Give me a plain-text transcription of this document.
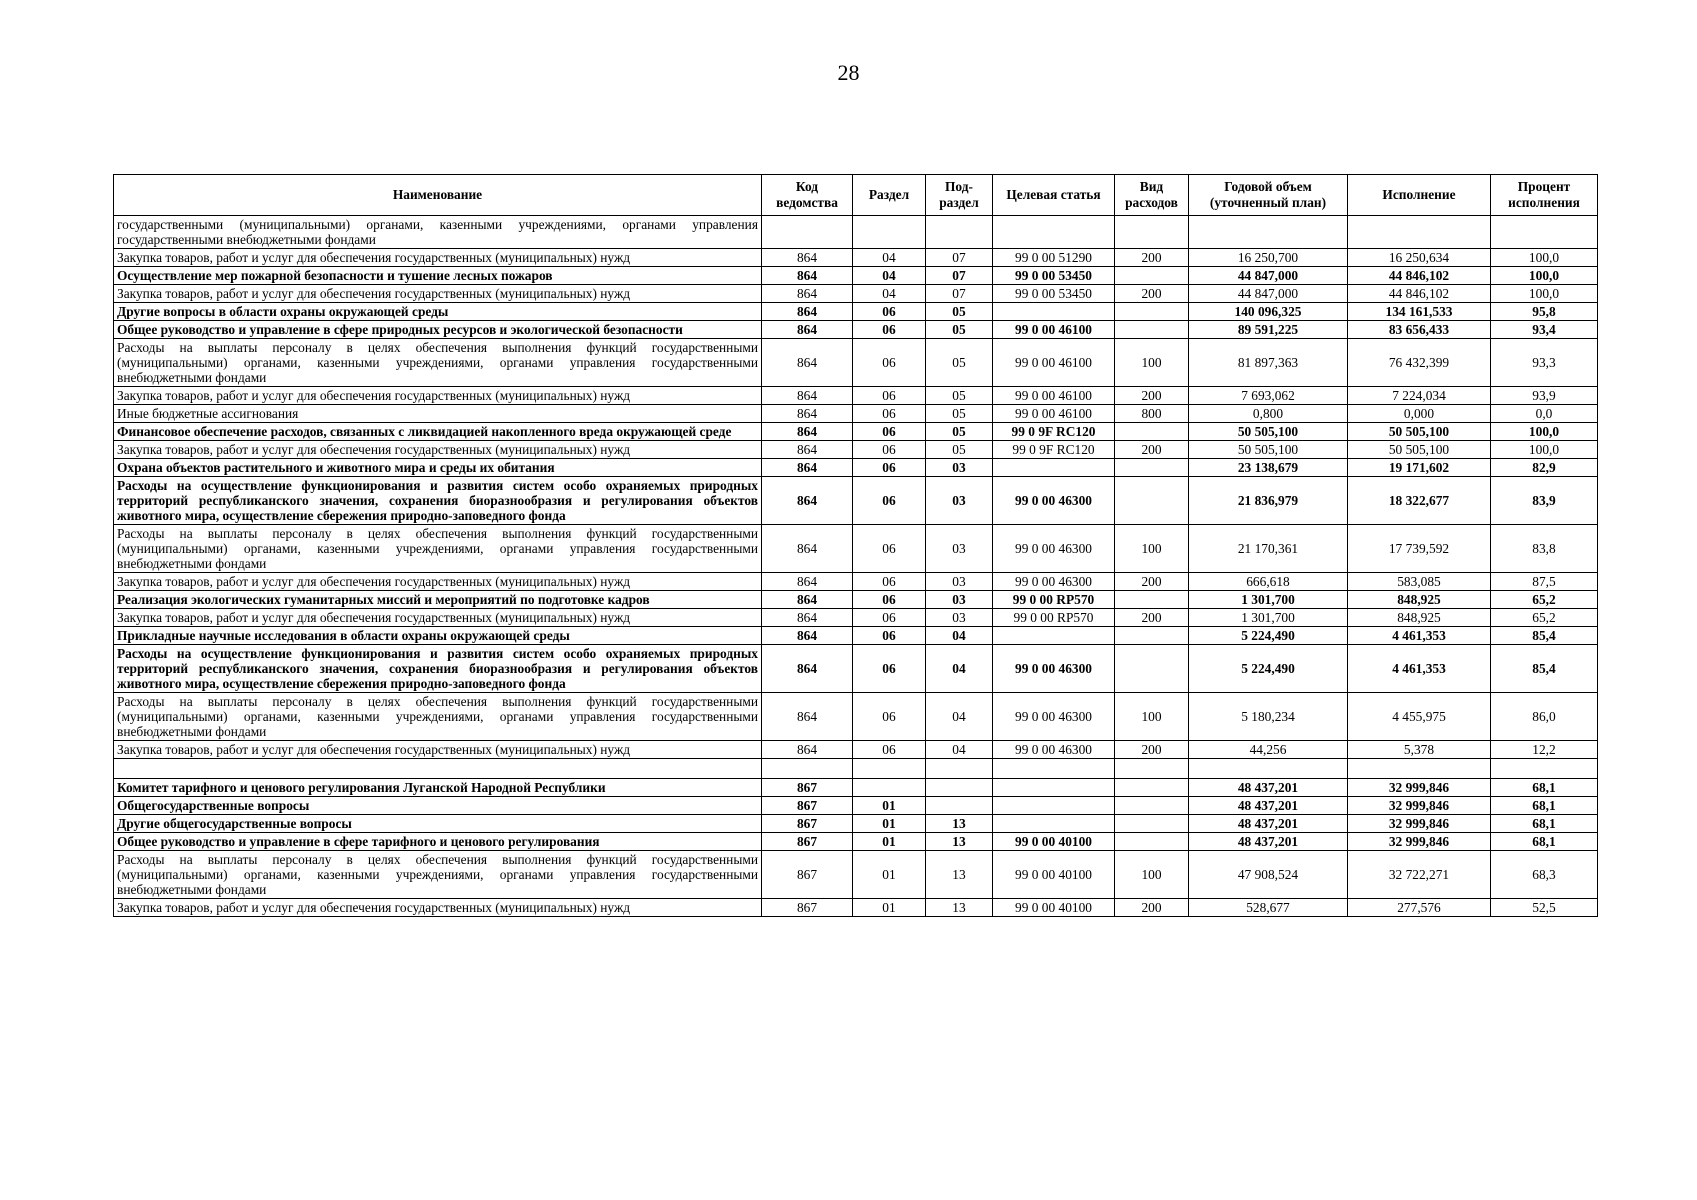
28
Наименование	Код ведомства	Раздел	Под-раздел	Целевая статья	Вид расходов	Годовой объем (уточненный план)	Исполнение	Процент исполнения
государственными (муниципальными) органами, казенными учреждениями, органами управления государственными внебюджетными фондами								
Закупка товаров, работ и услуг для обеспечения государственных (муниципальных) нужд	864	04	07	99 0 00 51290	200	16 250,700	16 250,634	100,0
Осуществление мер пожарной безопасности и тушение лесных пожаров	864	04	07	99 0 00 53450		44 847,000	44 846,102	100,0
Закупка товаров, работ и услуг для обеспечения государственных (муниципальных) нужд	864	04	07	99 0 00 53450	200	44 847,000	44 846,102	100,0
Другие вопросы в области охраны окружающей среды	864	06	05			140 096,325	134 161,533	95,8
Общее руководство и управление в сфере природных ресурсов и экологической безопасности	864	06	05	99 0 00 46100		89 591,225	83 656,433	93,4
Расходы на выплаты персоналу в целях обеспечения выполнения функций государственными (муниципальными) органами, казенными учреждениями, органами управления государственными внебюджетными фондами	864	06	05	99 0 00 46100	100	81 897,363	76 432,399	93,3
Закупка товаров, работ и услуг для обеспечения государственных (муниципальных) нужд	864	06	05	99 0 00 46100	200	7 693,062	7 224,034	93,9
Иные бюджетные ассигнования	864	06	05	99 0 00 46100	800	0,800	0,000	0,0
Финансовое обеспечение расходов, связанных с ликвидацией накопленного вреда окружающей среде	864	06	05	99 0 9F RC120		50 505,100	50 505,100	100,0
Закупка товаров, работ и услуг для обеспечения государственных (муниципальных) нужд	864	06	05	99 0 9F RC120	200	50 505,100	50 505,100	100,0
Охрана объектов растительного и животного мира и среды их обитания	864	06	03			23 138,679	19 171,602	82,9
Расходы на осуществление функционирования и развития систем особо охраняемых природных территорий республиканского значения, сохранения биоразнообразия и регулирования объектов животного мира, осуществление сбережения природно-заповедного фонда	864	06	03	99 0 00 46300		21 836,979	18 322,677	83,9
Расходы на выплаты персоналу в целях обеспечения выполнения функций государственными (муниципальными) органами, казенными учреждениями, органами управления государственными внебюджетными фондами	864	06	03	99 0 00 46300	100	21 170,361	17 739,592	83,8
Закупка товаров, работ и услуг для обеспечения государственных (муниципальных) нужд	864	06	03	99 0 00 46300	200	666,618	583,085	87,5
Реализация экологических гуманитарных миссий и мероприятий по подготовке кадров	864	06	03	99 0 00 RP570		1 301,700	848,925	65,2
Закупка товаров, работ и услуг для обеспечения государственных (муниципальных) нужд	864	06	03	99 0 00 RP570	200	1 301,700	848,925	65,2
Прикладные научные исследования в области охраны окружающей среды	864	06	04			5 224,490	4 461,353	85,4
Расходы на осуществление функционирования и развития систем особо охраняемых природных территорий республиканского значения, сохранения биоразнообразия и регулирования объектов животного мира, осуществление сбережения природно-заповедного фонда	864	06	04	99 0 00 46300		5 224,490	4 461,353	85,4
Расходы на выплаты персоналу в целях обеспечения выполнения функций государственными (муниципальными) органами, казенными учреждениями, органами управления государственными внебюджетными фондами	864	06	04	99 0 00 46300	100	5 180,234	4 455,975	86,0
Закупка товаров, работ и услуг для обеспечения государственных (муниципальных) нужд	864	06	04	99 0 00 46300	200	44,256	5,378	12,2

Комитет тарифного и ценового регулирования Луганской Народной Республики	867					48 437,201	32 999,846	68,1
Общегосударственные вопросы	867	01				48 437,201	32 999,846	68,1
Другие общегосударственные вопросы	867	01	13			48 437,201	32 999,846	68,1
Общее руководство и управление в сфере тарифного и ценового регулирования	867	01	13	99 0 00 40100		48 437,201	32 999,846	68,1
Расходы на выплаты персоналу в целях обеспечения выполнения функций государственными (муниципальными) органами, казенными учреждениями, органами управления государственными внебюджетными фондами	867	01	13	99 0 00 40100	100	47 908,524	32 722,271	68,3
Закупка товаров, работ и услуг для обеспечения государственных (муниципальных) нужд	867	01	13	99 0 00 40100	200	528,677	277,576	52,5
